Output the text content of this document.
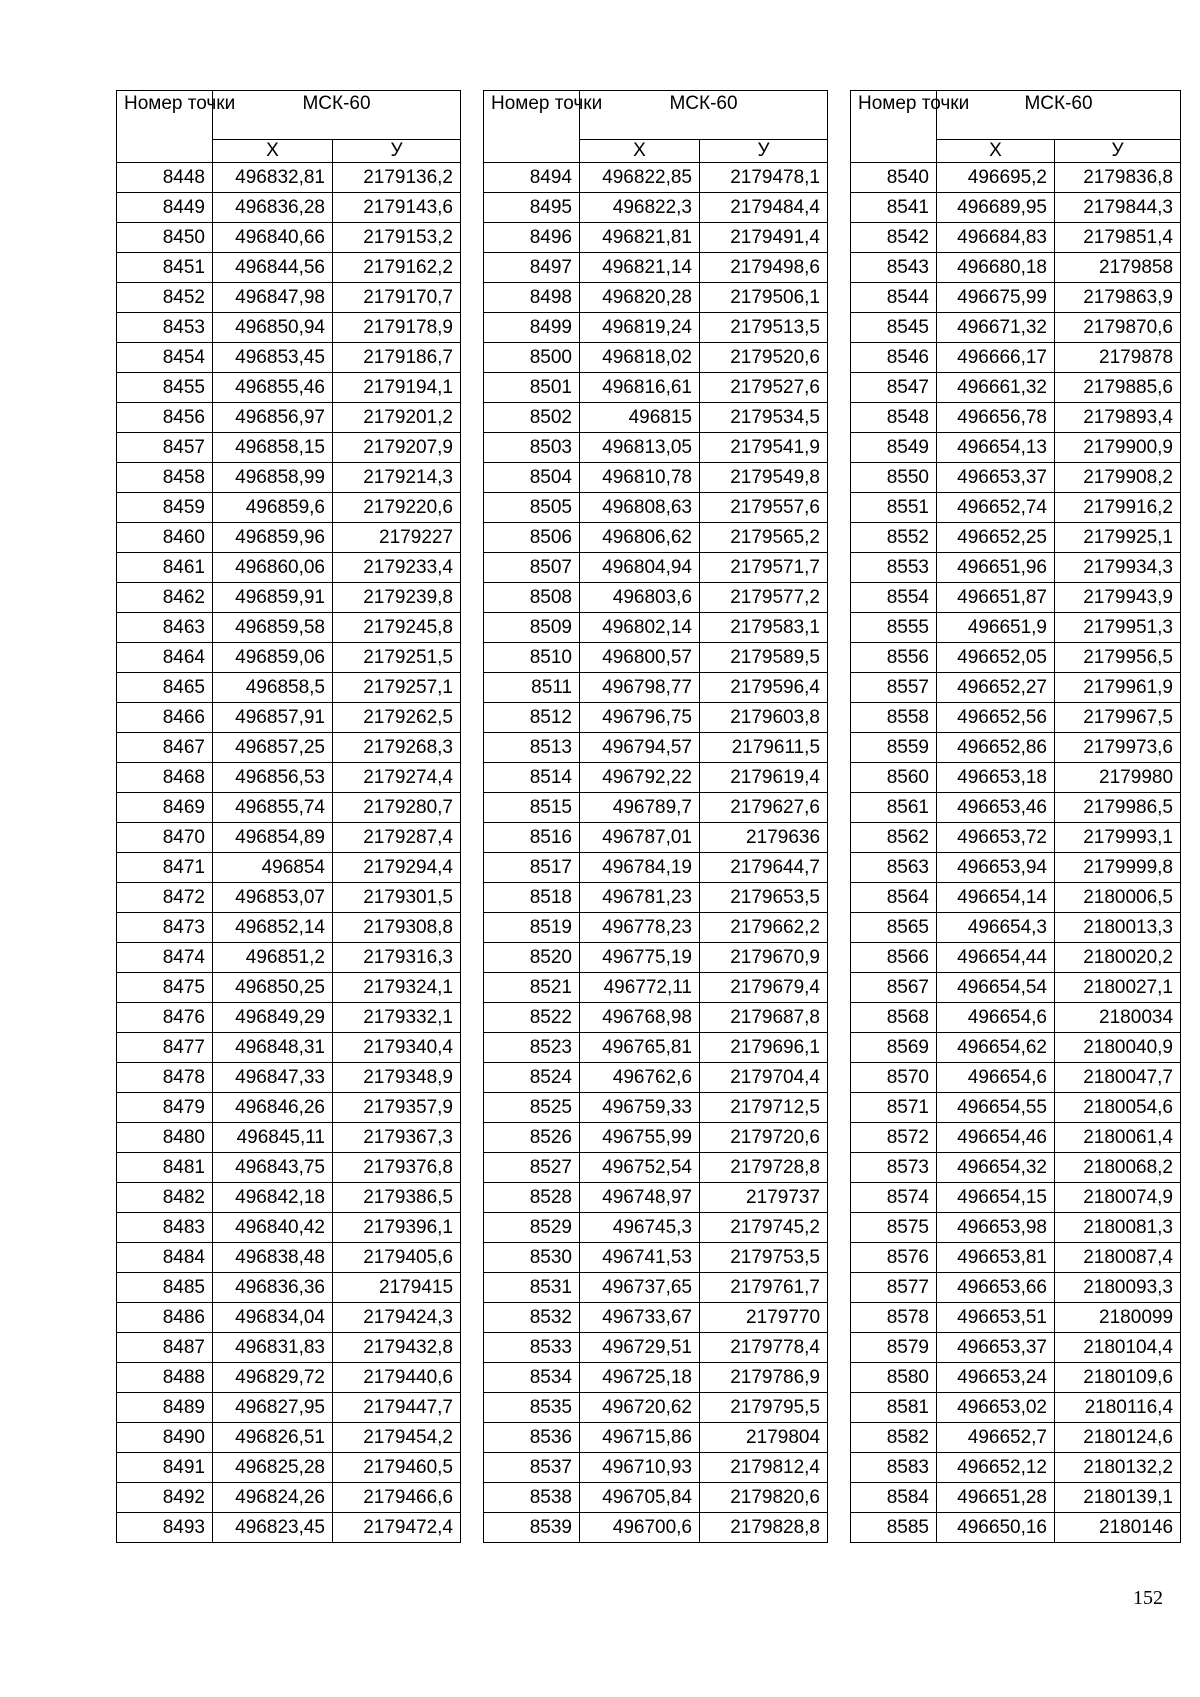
Номер точки	МСК-60	
	Х	У
8448	496832,81	2179136,2
8449	496836,28	2179143,6
8450	496840,66	2179153,2
8451	496844,56	2179162,2
8452	496847,98	2179170,7
8453	496850,94	2179178,9
8454	496853,45	2179186,7
8455	496855,46	2179194,1
8456	496856,97	2179201,2
8457	496858,15	2179207,9
8458	496858,99	2179214,3
8459	496859,6	2179220,6
8460	496859,96	2179227
8461	496860,06	2179233,4
8462	496859,91	2179239,8
8463	496859,58	2179245,8
8464	496859,06	2179251,5
8465	496858,5	2179257,1
8466	496857,91	2179262,5
8467	496857,25	2179268,3
8468	496856,53	2179274,4
8469	496855,74	2179280,7
8470	496854,89	2179287,4
8471	496854	2179294,4
8472	496853,07	2179301,5
8473	496852,14	2179308,8
8474	496851,2	2179316,3
8475	496850,25	2179324,1
8476	496849,29	2179332,1
8477	496848,31	2179340,4
8478	496847,33	2179348,9
8479	496846,26	2179357,9
8480	496845,11	2179367,3
8481	496843,75	2179376,8
8482	496842,18	2179386,5
8483	496840,42	2179396,1
8484	496838,48	2179405,6
8485	496836,36	2179415
8486	496834,04	2179424,3
8487	496831,83	2179432,8
8488	496829,72	2179440,6
8489	496827,95	2179447,7
8490	496826,51	2179454,2
8491	496825,28	2179460,5
8492	496824,26	2179466,6
8493	496823,45	2179472,4
Номер точки	МСК-60	
	Х	У
8494	496822,85	2179478,1
8495	496822,3	2179484,4
8496	496821,81	2179491,4
8497	496821,14	2179498,6
8498	496820,28	2179506,1
8499	496819,24	2179513,5
8500	496818,02	2179520,6
8501	496816,61	2179527,6
8502	496815	2179534,5
8503	496813,05	2179541,9
8504	496810,78	2179549,8
8505	496808,63	2179557,6
8506	496806,62	2179565,2
8507	496804,94	2179571,7
8508	496803,6	2179577,2
8509	496802,14	2179583,1
8510	496800,57	2179589,5
8511	496798,77	2179596,4
8512	496796,75	2179603,8
8513	496794,57	2179611,5
8514	496792,22	2179619,4
8515	496789,7	2179627,6
8516	496787,01	2179636
8517	496784,19	2179644,7
8518	496781,23	2179653,5
8519	496778,23	2179662,2
8520	496775,19	2179670,9
8521	496772,11	2179679,4
8522	496768,98	2179687,8
8523	496765,81	2179696,1
8524	496762,6	2179704,4
8525	496759,33	2179712,5
8526	496755,99	2179720,6
8527	496752,54	2179728,8
8528	496748,97	2179737
8529	496745,3	2179745,2
8530	496741,53	2179753,5
8531	496737,65	2179761,7
8532	496733,67	2179770
8533	496729,51	2179778,4
8534	496725,18	2179786,9
8535	496720,62	2179795,5
8536	496715,86	2179804
8537	496710,93	2179812,4
8538	496705,84	2179820,6
8539	496700,6	2179828,8
Номер точки	МСК-60	
	Х	У
8540	496695,2	2179836,8
8541	496689,95	2179844,3
8542	496684,83	2179851,4
8543	496680,18	2179858
8544	496675,99	2179863,9
8545	496671,32	2179870,6
8546	496666,17	2179878
8547	496661,32	2179885,6
8548	496656,78	2179893,4
8549	496654,13	2179900,9
8550	496653,37	2179908,2
8551	496652,74	2179916,2
8552	496652,25	2179925,1
8553	496651,96	2179934,3
8554	496651,87	2179943,9
8555	496651,9	2179951,3
8556	496652,05	2179956,5
8557	496652,27	2179961,9
8558	496652,56	2179967,5
8559	496652,86	2179973,6
8560	496653,18	2179980
8561	496653,46	2179986,5
8562	496653,72	2179993,1
8563	496653,94	2179999,8
8564	496654,14	2180006,5
8565	496654,3	2180013,3
8566	496654,44	2180020,2
8567	496654,54	2180027,1
8568	496654,6	2180034
8569	496654,62	2180040,9
8570	496654,6	2180047,7
8571	496654,55	2180054,6
8572	496654,46	2180061,4
8573	496654,32	2180068,2
8574	496654,15	2180074,9
8575	496653,98	2180081,3
8576	496653,81	2180087,4
8577	496653,66	2180093,3
8578	496653,51	2180099
8579	496653,37	2180104,4
8580	496653,24	2180109,6
8581	496653,02	2180116,4
8582	496652,7	2180124,6
8583	496652,12	2180132,2
8584	496651,28	2180139,1
8585	496650,16	2180146
152
